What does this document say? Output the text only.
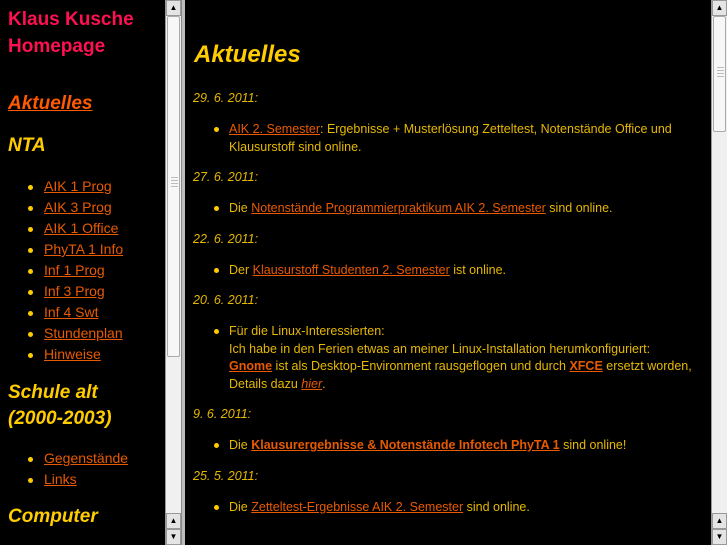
Klaus Kusche
Homepage
Aktuelles
NTA
AIK 1 Prog
AIK 3 Prog
AIK 1 Office
PhyTA 1 Info
Inf 1 Prog
Inf 3 Prog
Inf 4 Swt
Stundenplan
Hinweise
Schule alt
(2000-2003)
Gegenstände
Links
Computer
▲
▲
▼
Aktuelles
29. 6. 2011:
AIK 2. Semester: Ergebnisse + Musterlösung Zetteltest, Notenstände Office und Klausurstoff sind online.
27. 6. 2011:
Die Notenstände Programmierpraktikum AIK 2. Semester sind online.
22. 6. 2011:
Der Klausurstoff Studenten 2. Semester ist online.
20. 6. 2011:
Für die Linux-Interessierten:
Ich habe in den Ferien etwas an meiner Linux-Installation herumkonfiguriert:
Gnome ist als Desktop-Environment rausgeflogen und durch XFCE ersetzt worden,
Details dazu hier.
9. 6. 2011:
Die Klausurergebnisse & Notenstände Infotech PhyTA 1 sind online!
25. 5. 2011:
Die Zetteltest-Ergebnisse AIK 2. Semester sind online.
▲
▲
▼
